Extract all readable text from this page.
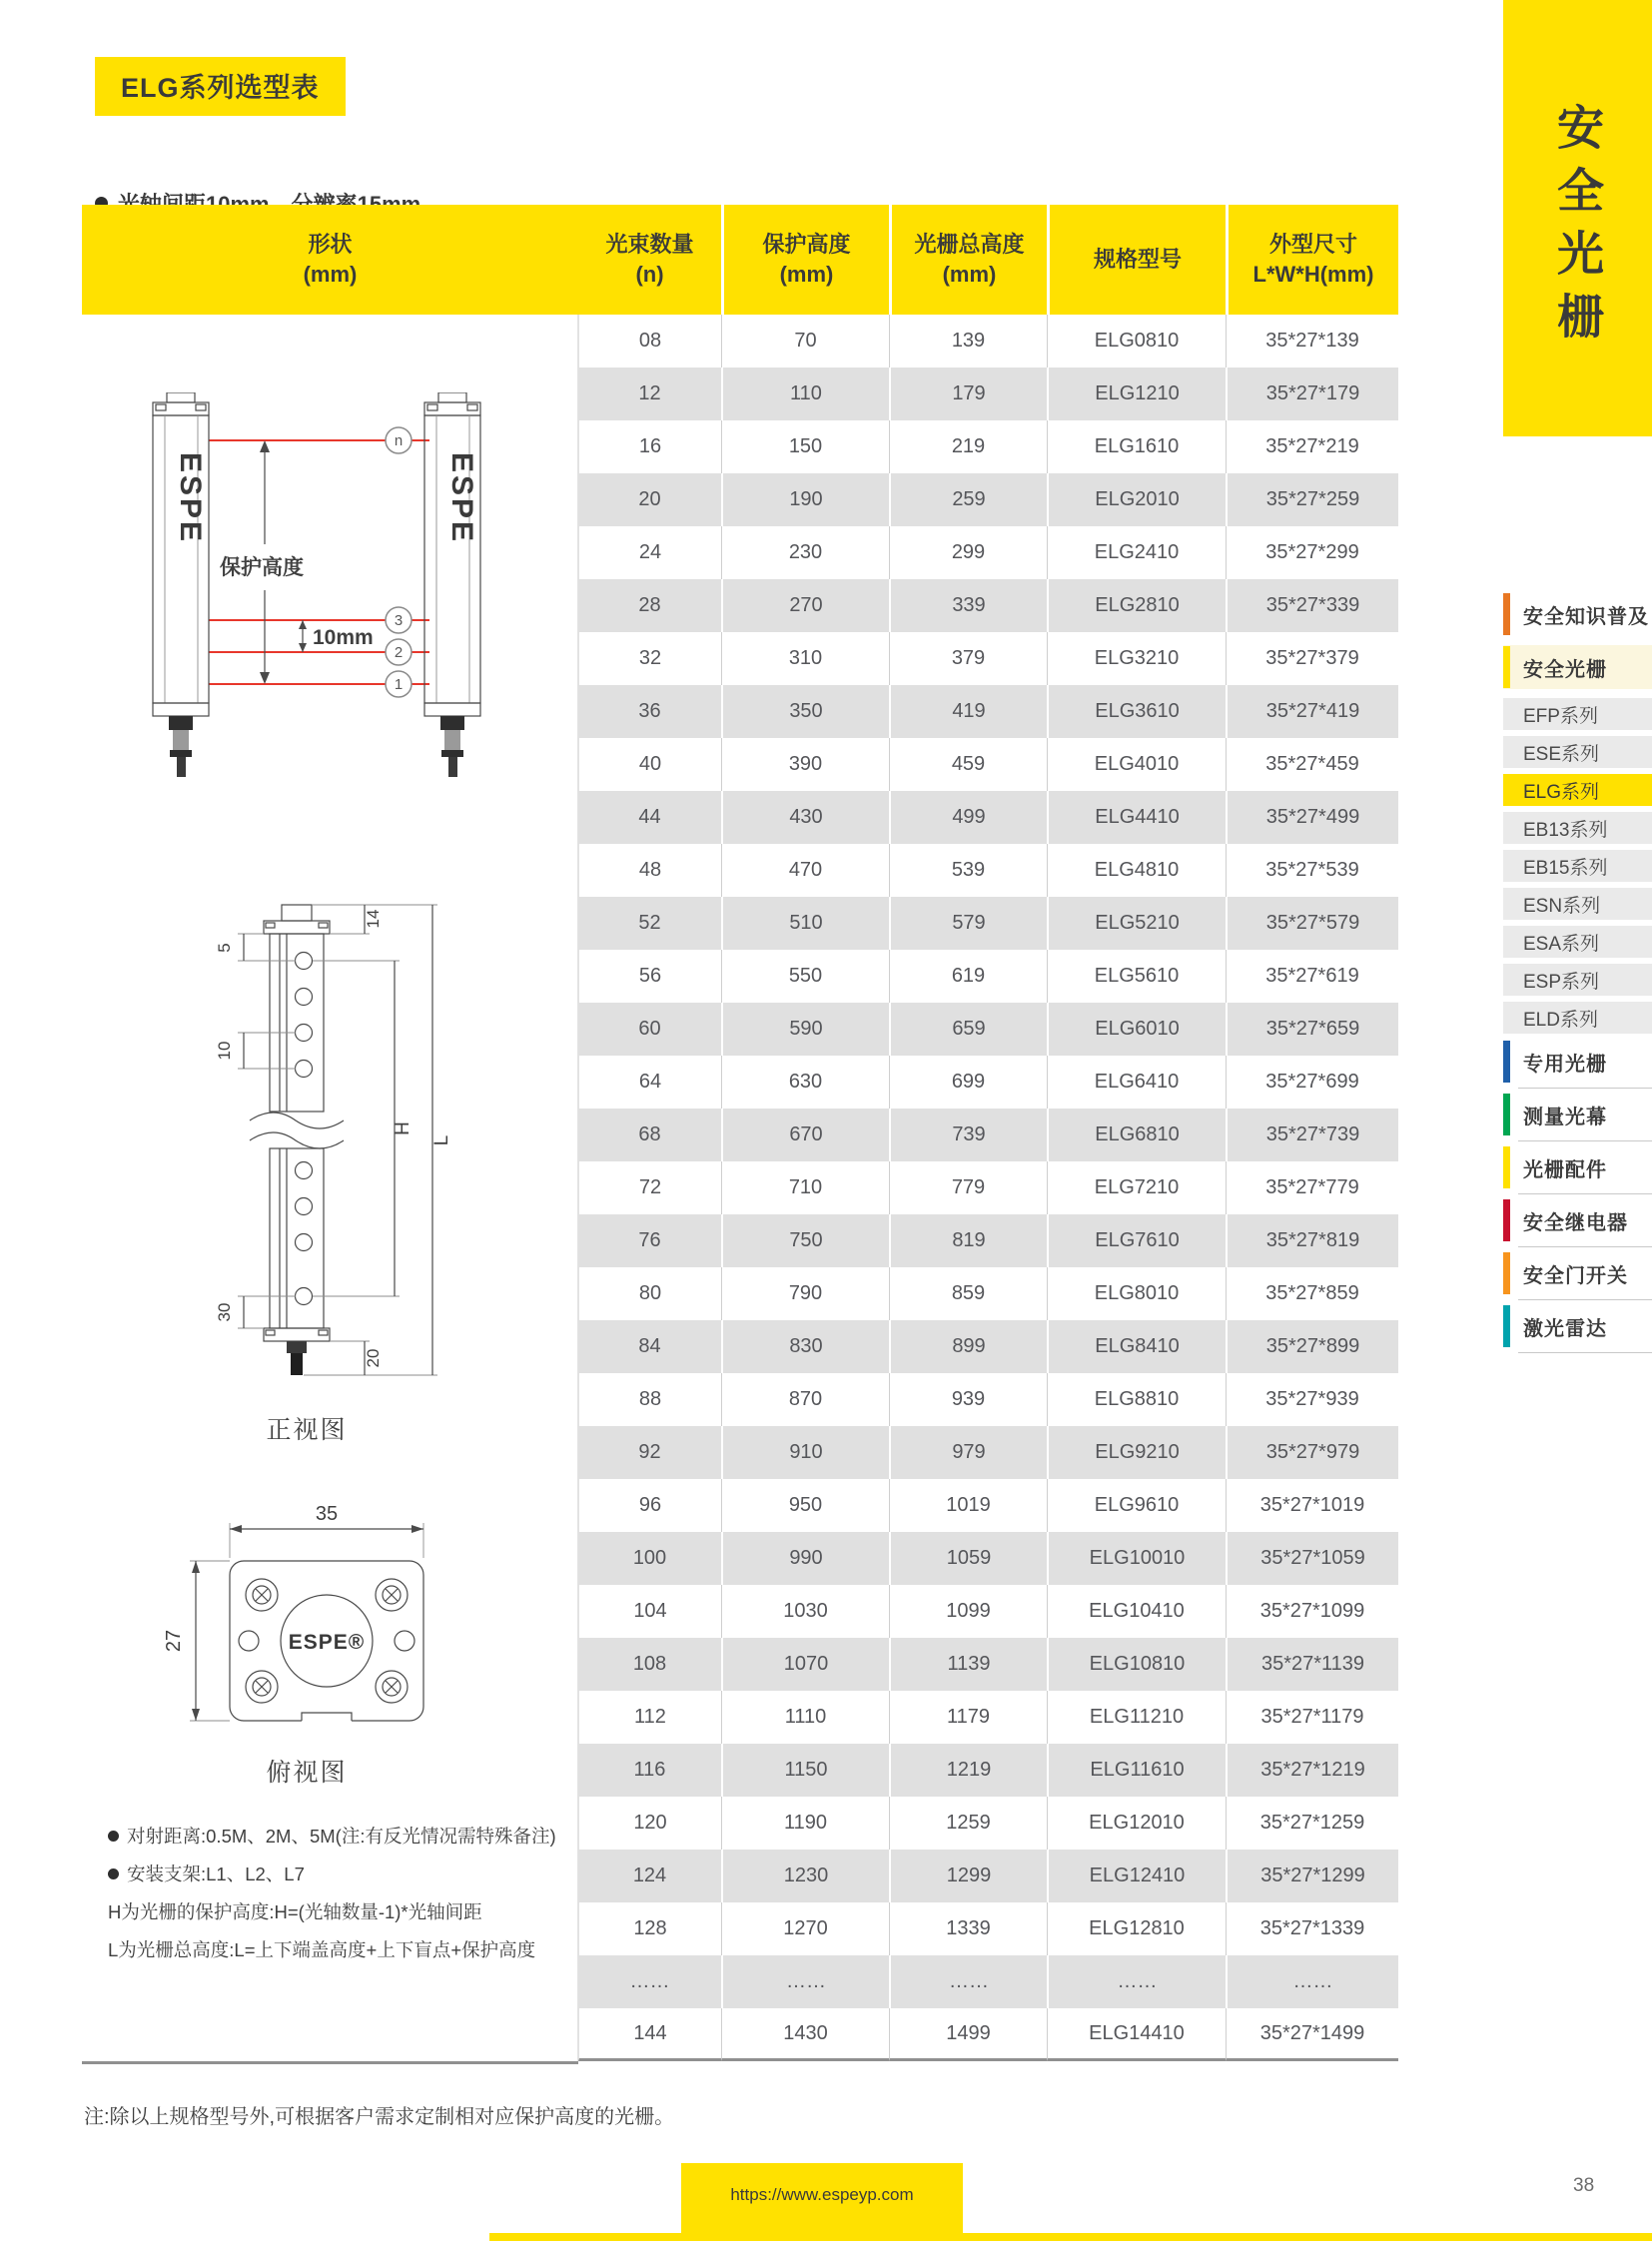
ELG系列选型表
形状
(mm)
ESPE	ESPE
n
3
2
1
保护高度
10mm
5
10
30
14
20
H
L
正视图
35
27	ESPE®
俯视图
对射距离:0.5M、2M、5M(注:有反光情况需特殊备注)
安装支架:L1、L2、L7
H为光栅的保护高度:H=(光轴数量-1)*光轴间距
L为光栅总高度:L=上下端盖高度+上下盲点+保护高度
光束数量
(n)

保护高度
(mm)

光栅总高度
(mm)

规格型号

外型尺寸
L*W*H(mm)

08	70	139	ELG0810	35*27*139
12	110	179	ELG1210	35*27*179
16	150	219	ELG1610	35*27*219
20	190	259	ELG2010	35*27*259
24	230	299	ELG2410	35*27*299
28	270	339	ELG2810	35*27*339
32	310	379	ELG3210	35*27*379
36	350	419	ELG3610	35*27*419
40	390	459	ELG4010	35*27*459
44	430	499	ELG4410	35*27*499
48	470	539	ELG4810	35*27*539
52	510	579	ELG5210	35*27*579
56	550	619	ELG5610	35*27*619
60	590	659	ELG6010	35*27*659
64	630	699	ELG6410	35*27*699
68	670	739	ELG6810	35*27*739
72	710	779	ELG7210	35*27*779
76	750	819	ELG7610	35*27*819
80	790	859	ELG8010	35*27*859
84	830	899	ELG8410	35*27*899
88	870	939	ELG8810	35*27*939
92	910	979	ELG9210	35*27*979
96	950	1019	ELG9610	35*27*1019
100	990	1059	ELG10010	35*27*1059
104	1030	1099	ELG10410	35*27*1099
108	1070	1139	ELG10810	35*27*1139
112	1110	1179	ELG11210	35*27*1179
116	1150	1219	ELG11610	35*27*1219
120	1190	1259	ELG12010	35*27*1259
124	1230	1299	ELG12410	35*27*1299
128	1270	1339	ELG12810	35*27*1339
……	……	……	……	……
144	1430	1499	ELG14410	35*27*1499
注:除以上规格型号外,可根据客户需求定制相对应保护高度的光栅。
https://www.espeyp.com	38
安全光栅
安全知识普及
安全光栅
EFP系列
ESE系列
ELG系列
EB13系列
EB15系列
ESN系列
ESA系列
ESP系列
ELD系列
专用光栅
测量光幕
光栅配件
安全继电器
安全门开关
激光雷达
